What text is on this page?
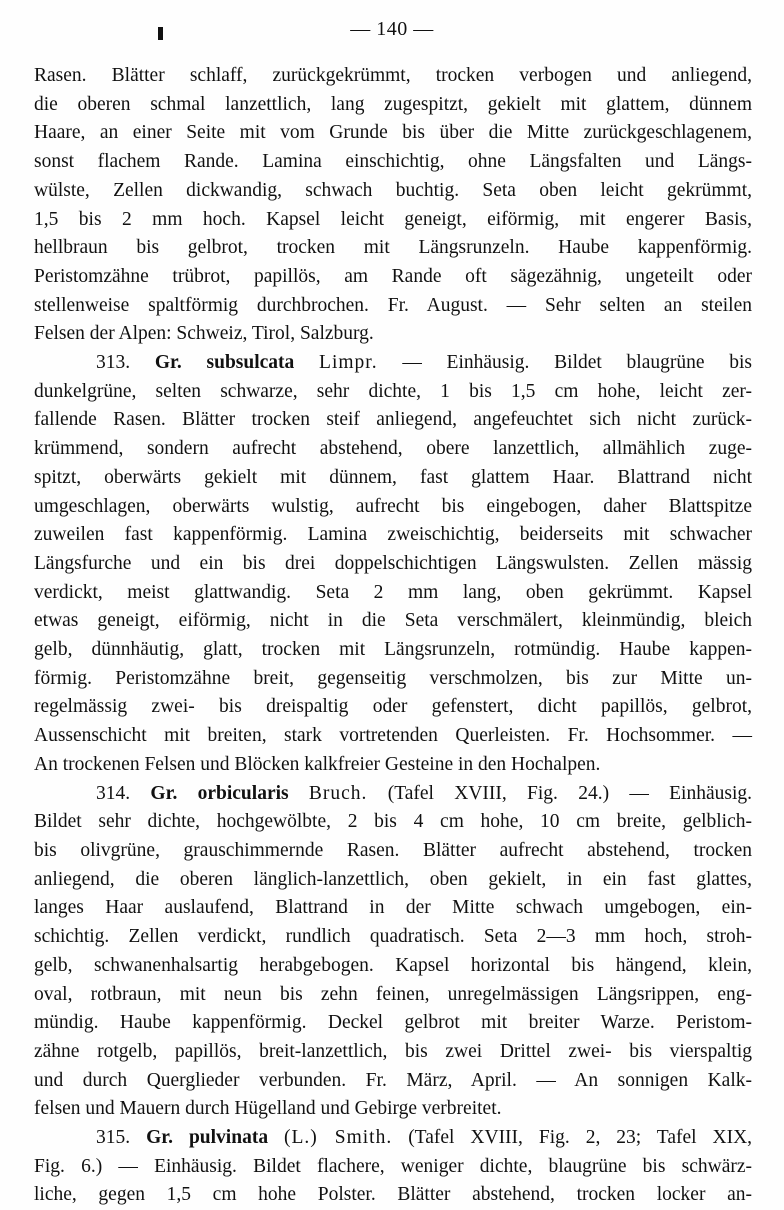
— 140 —
Rasen. Blätter schlaff, zurückgekrümmt, trocken verbogen und anliegend,
die oberen schmal lanzettlich, lang zugespitzt, gekielt mit glattem, dünnem
Haare, an einer Seite mit vom Grunde bis über die Mitte zurückgeschlagenem,
sonst flachem Rande. Lamina einschichtig, ohne Längsfalten und Längs-
wülste, Zellen dickwandig, schwach buchtig. Seta oben leicht gekrümmt,
1,5 bis 2 mm hoch. Kapsel leicht geneigt, eiförmig, mit engerer Basis,
hellbraun bis gelbrot, trocken mit Längsrunzeln. Haube kappenförmig.
Peristomzähne trübrot, papillös, am Rande oft sägezähnig, ungeteilt oder
stellenweise spaltförmig durchbrochen. Fr. August. — Sehr selten an steilen
Felsen der Alpen: Schweiz, Tirol, Salzburg.
313. Gr. subsulcata Limpr. — Einhäusig. Bildet blaugrüne bis
dunkelgrüne, selten schwarze, sehr dichte, 1 bis 1,5 cm hohe, leicht zer-
fallende Rasen. Blätter trocken steif anliegend, angefeuchtet sich nicht zurück-
krümmend, sondern aufrecht abstehend, obere lanzettlich, allmählich zuge-
spitzt, oberwärts gekielt mit dünnem, fast glattem Haar. Blattrand nicht
umgeschlagen, oberwärts wulstig, aufrecht bis eingebogen, daher Blattspitze
zuweilen fast kappenförmig. Lamina zweischichtig, beiderseits mit schwacher
Längsfurche und ein bis drei doppelschichtigen Längswulsten. Zellen mässig
verdickt, meist glattwandig. Seta 2 mm lang, oben gekrümmt. Kapsel
etwas geneigt, eiförmig, nicht in die Seta verschmälert, kleinmündig, bleich
gelb, dünnhäutig, glatt, trocken mit Längsrunzeln, rotmündig. Haube kappen-
förmig. Peristomzähne breit, gegenseitig verschmolzen, bis zur Mitte un-
regelmässig zwei- bis dreispaltig oder gefenstert, dicht papillös, gelbrot,
Aussenschicht mit breiten, stark vortretenden Querleisten. Fr. Hochsommer. —
An trockenen Felsen und Blöcken kalkfreier Gesteine in den Hochalpen.
314. Gr. orbicularis Bruch. (Tafel XVIII, Fig. 24.) — Einhäusig.
Bildet sehr dichte, hochgewölbte, 2 bis 4 cm hohe, 10 cm breite, gelblich-
bis olivgrüne, grauschimmernde Rasen. Blätter aufrecht abstehend, trocken
anliegend, die oberen länglich-lanzettlich, oben gekielt, in ein fast glattes,
langes Haar auslaufend, Blattrand in der Mitte schwach umgebogen, ein-
schichtig. Zellen verdickt, rundlich quadratisch. Seta 2—3 mm hoch, stroh-
gelb, schwanenhalsartig herabgebogen. Kapsel horizontal bis hängend, klein,
oval, rotbraun, mit neun bis zehn feinen, unregelmässigen Längsrippen, eng-
mündig. Haube kappenförmig. Deckel gelbrot mit breiter Warze. Peristom-
zähne rotgelb, papillös, breit-lanzettlich, bis zwei Drittel zwei- bis vierspaltig
und durch Querglieder verbunden. Fr. März, April. — An sonnigen Kalk-
felsen und Mauern durch Hügelland und Gebirge verbreitet.
315. Gr. pulvinata (L.) Smith. (Tafel XVIII, Fig. 2, 23; Tafel XIX,
Fig. 6.) — Einhäusig. Bildet flachere, weniger dichte, blaugrüne bis schwärz-
liche, gegen 1,5 cm hohe Polster. Blätter abstehend, trocken locker an-
